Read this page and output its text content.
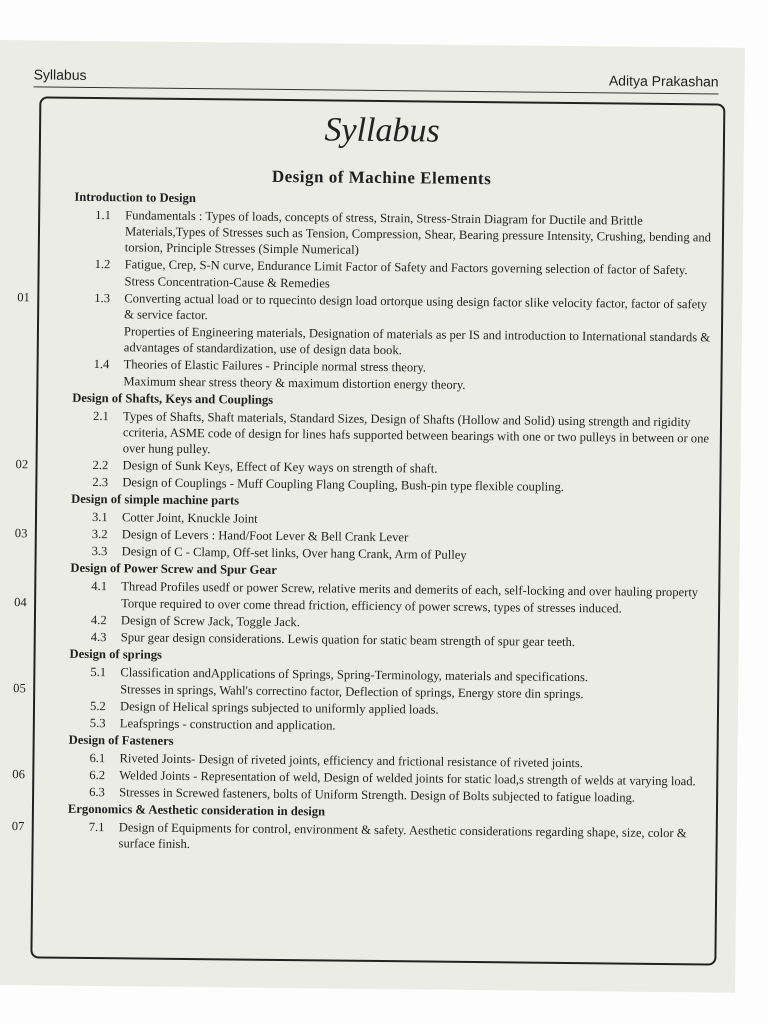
Syllabus	Aditya Prakashan
Syllabus
Design of Machine Elements
Introduction to Design
1.1 Fundamentals : Types of loads, concepts of stress, Strain, Stress-Strain Diagram for Ductile and Brittle Materials,Types of Stresses such as Tension, Compression, Shear, Bearing pressure Intensity, Crushing, bending and torsion, Principle Stresses (Simple Numerical)
1.2 Fatigue, Crep, S-N curve, Endurance Limit Factor of Safety and Factors governing selection of factor of Safety.
Stress Concentration-Cause & Remedies
01	1.3 Converting actual load or to rquecinto design load ortorque using design factor slike velocity factor, factor of safety & service factor.
Properties of Engineering materials, Designation of materials as per IS and introduction to International standards & advantages of standardization, use of design data book.
1.4 Theories of Elastic Failures - Principle normal stress theory.
Maximum shear stress theory & maximum distortion energy theory.
Design of Shafts, Keys and Couplings
2.1 Types of Shafts, Shaft materials, Standard Sizes, Design of Shafts (Hollow and Solid) using strength and rigidity ccriteria, ASME code of design for lines hafs supported between bearings with one or two pulleys in between or one over hung pulley.
02	2.2 Design of Sunk Keys, Effect of Key ways on strength of shaft.
2.3 Design of Couplings - Muff Coupling Flang Coupling, Bush-pin type flexible coupling.
Design of simple machine parts
3.1 Cotter Joint, Knuckle Joint
03	3.2 Design of Levers : Hand/Foot Lever & Bell Crank Lever
3.3 Design of C - Clamp, Off-set links, Over hang Crank, Arm of Pulley
Design of Power Screw and Spur Gear
4.1 Thread Profiles usedf or power Screw, relative merits and demerits of each, self-locking and over hauling property
04	Torque required to over come thread friction, efficiency of power screws, types of stresses induced.
4.2 Design of Screw Jack, Toggle Jack.
4.3 Spur gear design considerations. Lewis quation for static beam strength of spur gear teeth.
Design of springs
5.1 Classification andApplications of Springs, Spring-Terminology, materials and specifications.
05	Stresses in springs, Wahl's correctino factor, Deflection of springs, Energy store din springs.
5.2 Design of Helical springs subjected to uniformly applied loads.
5.3 Leafsprings - construction and application.
Design of Fasteners
6.1 Riveted Joints- Design of riveted joints, efficiency and frictional resistance of riveted joints.
06	6.2 Welded Joints - Representation of weld, Design of welded joints for static load,s strength of welds at varying load.
6.3 Stresses in Screwed fasteners, bolts of Uniform Strength. Design of Bolts subjected to fatigue loading.
Ergonomics & Aesthetic consideration in design
07	7.1 Design of Equipments for control, environment & safety. Aesthetic considerations regarding shape, size, color & surface finish.
